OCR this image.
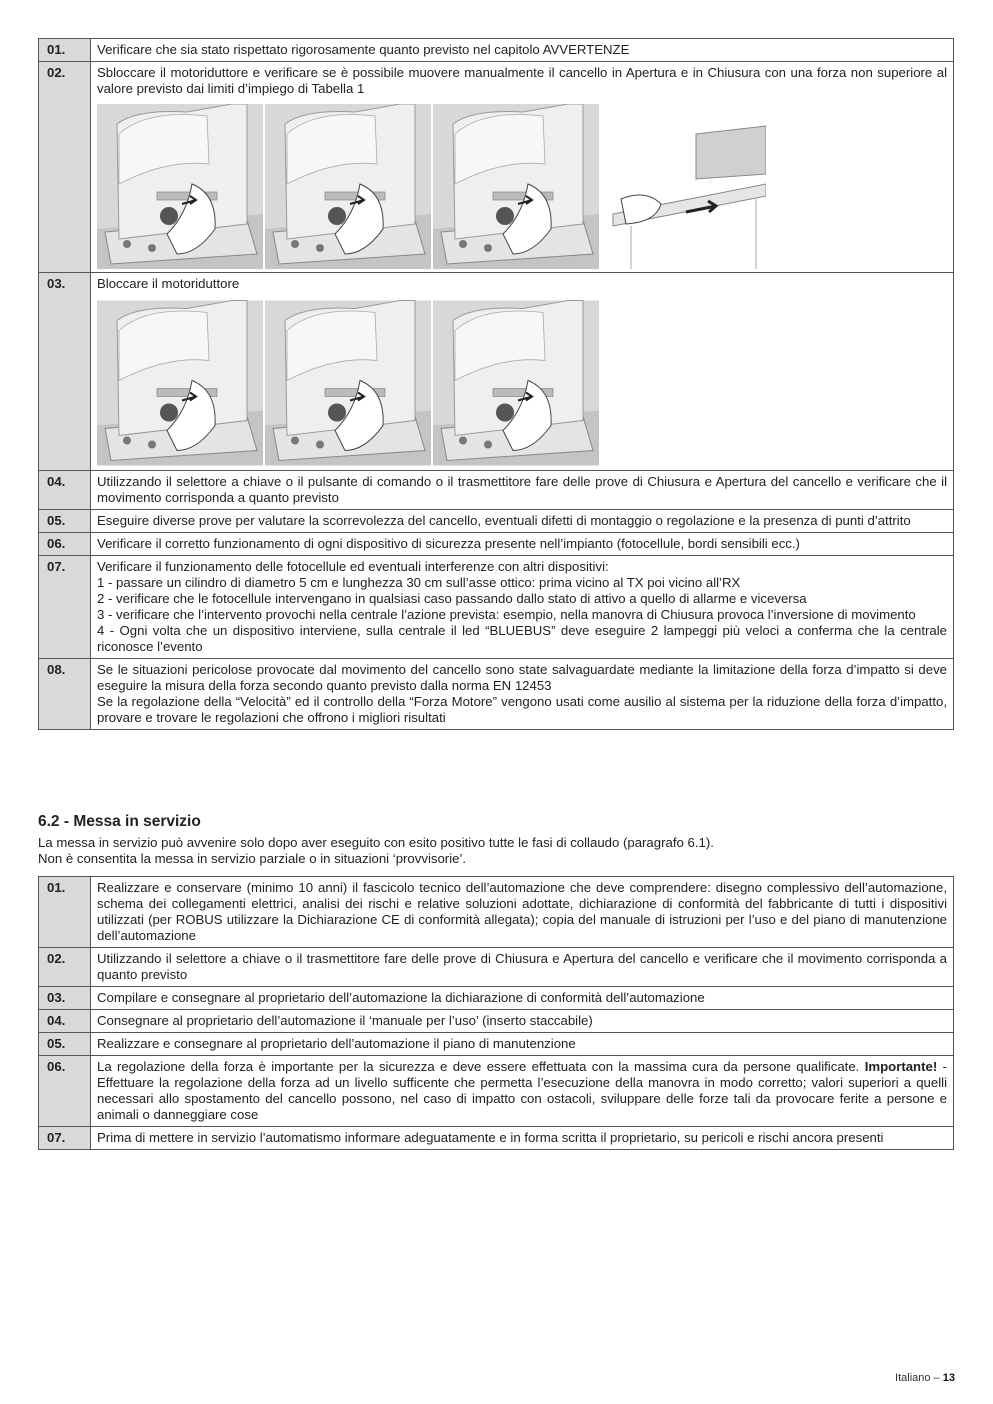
01.	Verificare che sia stato rispettato rigorosamente quanto previsto nel capitolo AVVERTENZE

02.	Sbloccare il motoriduttore e verificare se è possibile muovere manualmente il cancello in Apertura e in Chiusura con una forza non superiore al valore previsto dai limiti d’impiego di Tabella 1

03.	Bloccare il motoriduttore

04.	Utilizzando il selettore a chiave o il pulsante di comando o il trasmettitore fare delle prove di Chiusura e Apertura del cancello e verificare che il movimento corrisponda a quanto previsto

05.	Eseguire diverse prove per valutare la scorrevolezza del cancello, eventuali difetti di montaggio o regolazione e la presenza di punti d’attrito

06.	Verificare il corretto funzionamento di ogni dispositivo di sicurezza presente nell’impianto (fotocellule, bordi sensibili ecc.)

07.	Verificare il funzionamento delle fotocellule ed eventuali interferenze con altri dispositivi:
1 - passare un cilindro di diametro 5 cm e lunghezza 30 cm sull’asse ottico: prima vicino al TX poi vicino all’RX
2 - verificare che le fotocellule intervengano in qualsiasi caso passando dallo stato di attivo a quello di allarme e viceversa
3 - verificare che l’intervento provochi nella centrale l’azione prevista: esempio, nella manovra di Chiusura provoca l’inversione di movimento
4 - Ogni volta che un dispositivo interviene, sulla centrale il led “BLUEBUS” deve eseguire 2 lampeggi più veloci a conferma che la centrale riconosce l’evento

08.	Se le situazioni pericolose provocate dal movimento del cancello sono state salvaguardate mediante la limitazione della forza d’impatto si deve eseguire la misura della forza secondo quanto previsto dalla norma EN 12453
Se la regolazione della “Velocità” ed il controllo della “Forza Motore” vengono usati come ausilio al sistema per la riduzione della forza d’impatto, provare e trovare le regolazioni che offrono i migliori risultati
6.2 - Messa in servizio
La messa in servizio può avvenire solo dopo aver eseguito con esito positivo tutte le fasi di collaudo (paragrafo 6.1).
Non è consentita la messa in servizio parziale o in situazioni ‘provvisorie’.
01.	Realizzare e conservare (minimo 10 anni) il fascicolo tecnico dell’automazione che deve comprendere: disegno complessivo dell’automazione, schema dei collegamenti elettrici, analisi dei rischi e relative soluzioni adottate, dichiarazione di conformità del fabbricante di tutti i dispositivi utilizzati (per ROBUS utilizzare la Dichiarazione CE di conformità allegata); copia del manuale di istruzioni per l’uso e del piano di manutenzione dell’automazione

02.	Utilizzando il selettore a chiave o il trasmettitore fare delle prove di Chiusura e Apertura del cancello e verificare che il movimento corrisponda a quanto previsto

03.	Compilare e consegnare al proprietario dell’automazione la dichiarazione di conformità dell’automazione

04.	Consegnare al proprietario dell’automazione il ‘manuale per l’uso’ (inserto staccabile)

05.	Realizzare e consegnare al proprietario dell’automazione il piano di manutenzione

06.	La regolazione della forza è importante per la sicurezza e deve essere effettuata con la massima cura da persone qualificate. Importante! - Effettuare la regolazione della forza ad un livello sufficente che permetta l’esecuzione della manovra in modo corretto; valori superiori a quelli necessari allo spostamento del cancello possono, nel caso di impatto con ostacoli, sviluppare delle forze tali da provocare ferite a persone e animali o danneggiare cose
07.	Prima di mettere in servizio l’automatismo informare adeguatamente e in forma scritta il proprietario, su pericoli e rischi ancora presenti
Italiano – 13
